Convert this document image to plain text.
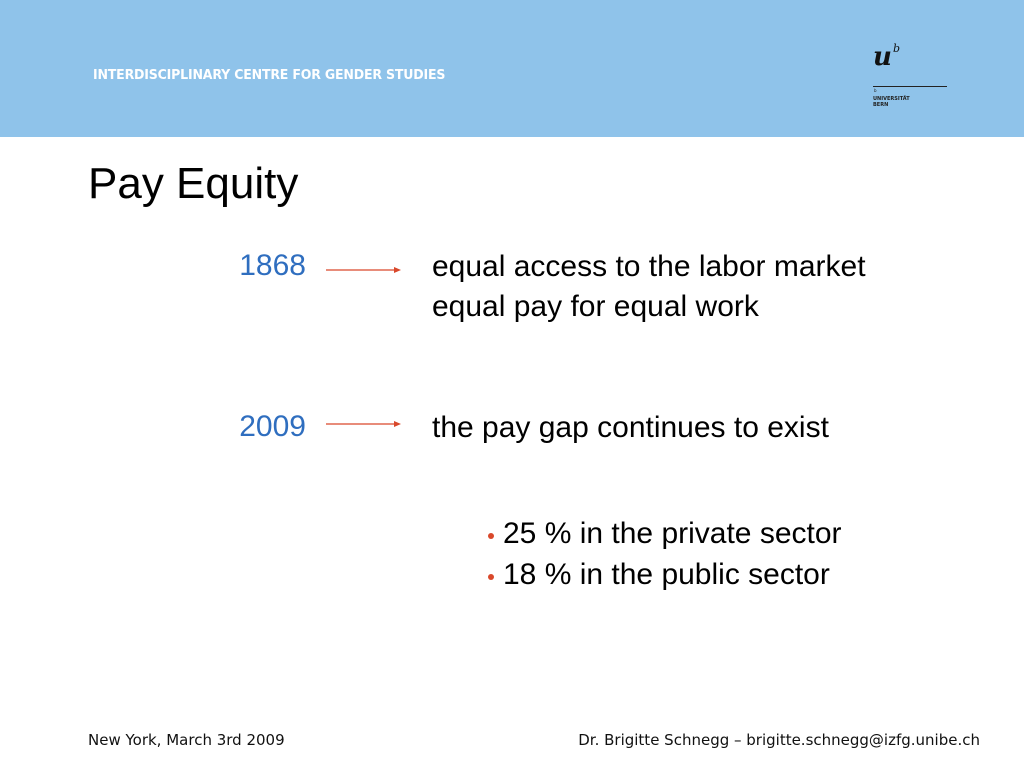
INTERDISCIPLINARY CENTRE FOR GENDER STUDIES
u b
b
UNIVERSITÄT
BERN
Pay Equity
1868	equal access to the labor market
equal pay for equal work
2009	the pay gap continues to exist
25 % in the private sector
18 % in the public sector
New York, March 3rd 2009	Dr. Brigitte Schnegg – brigitte.schnegg@izfg.unibe.ch
